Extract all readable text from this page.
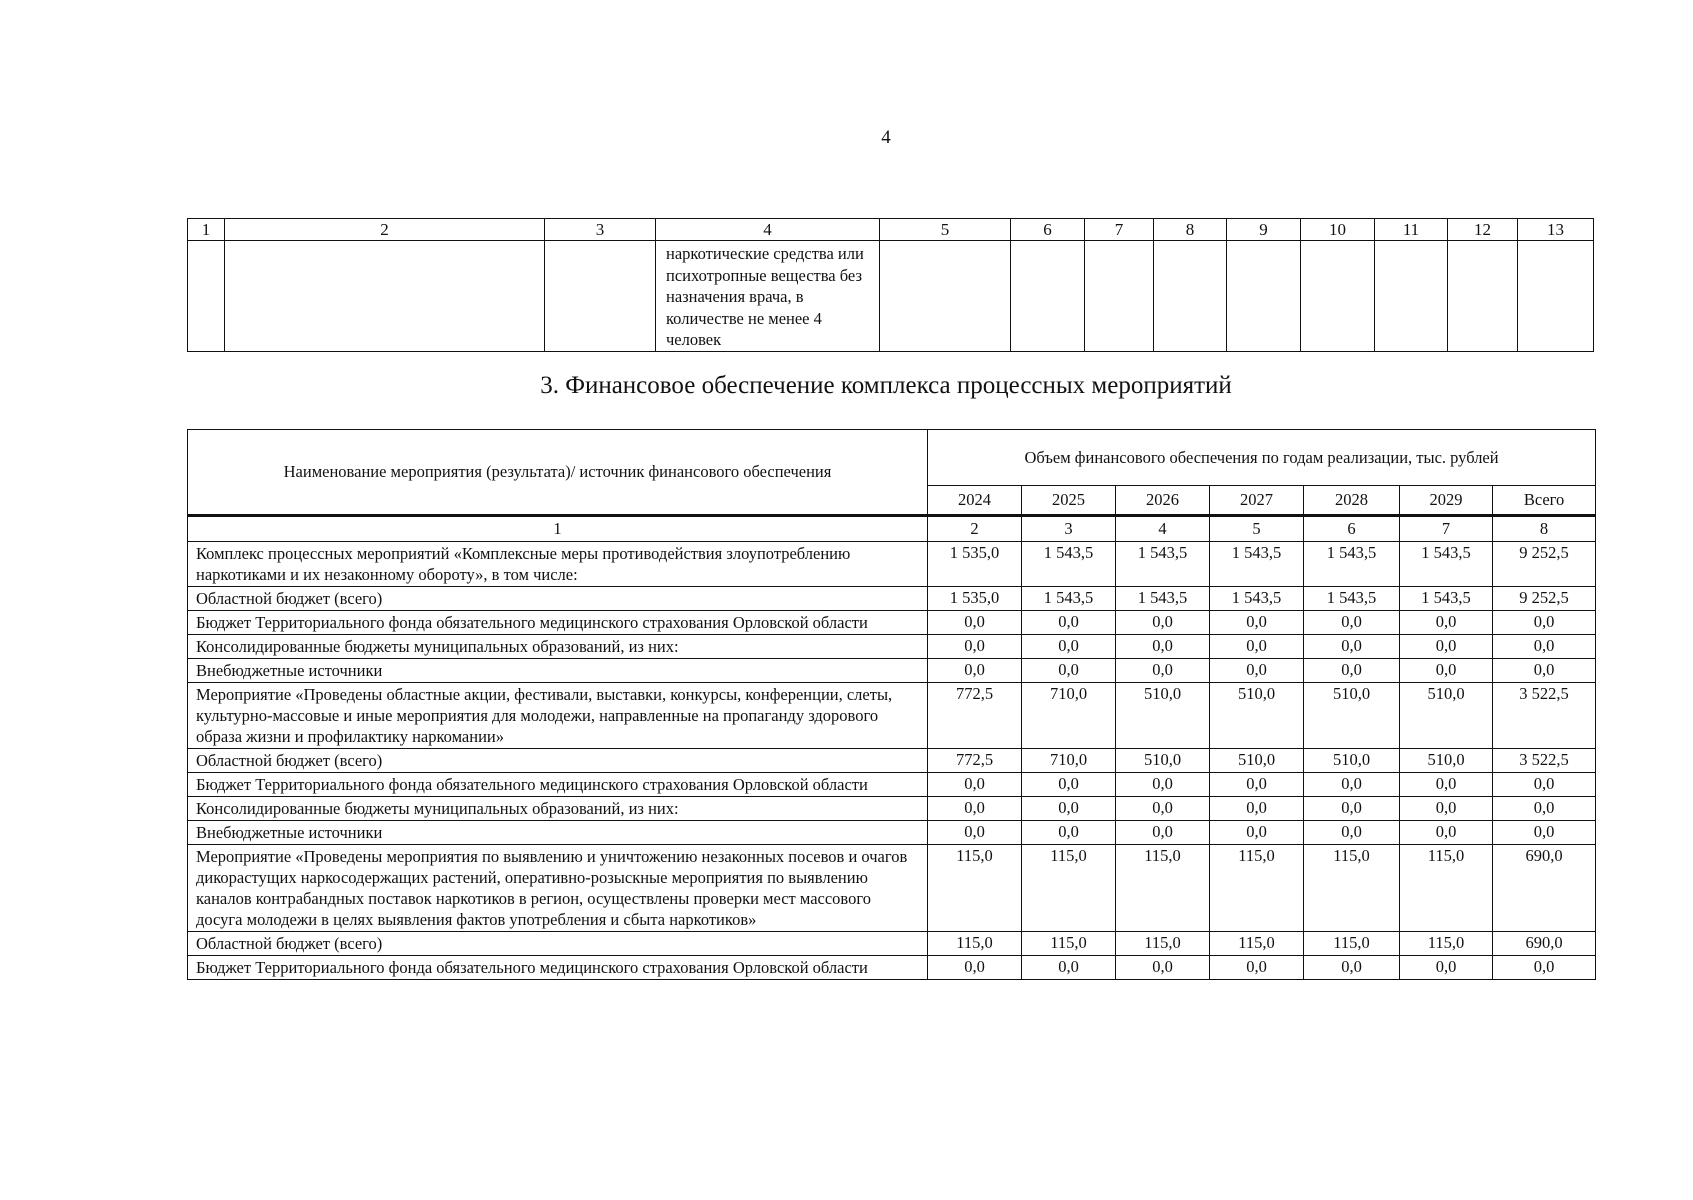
4
1	2	3	4	5	6	7	8	9	10	11	12	13
			наркотические средства или психотропные вещества без назначения врача, в количестве не менее 4 человек									
3. Финансовое обеспечение комплекса процессных мероприятий
Наименование мероприятия (результата)/ источник финансового обеспечения	Объем финансового обеспечения по годам реализации, тыс. рублей						
	2024	2025	2026	2027	2028	2029	Всего
1	2	3	4	5	6	7	8
Комплекс процессных мероприятий «Комплексные меры противодействия злоупотреблению наркотиками и их незаконному обороту», в том числе:	1 535,0	1 543,5	1 543,5	1 543,5	1 543,5	1 543,5	9 252,5
Областной бюджет (всего)	1 535,0	1 543,5	1 543,5	1 543,5	1 543,5	1 543,5	9 252,5
Бюджет Территориального фонда обязательного медицинского страхования Орловской области	0,0	0,0	0,0	0,0	0,0	0,0	0,0
Консолидированные бюджеты муниципальных образований, из них:	0,0	0,0	0,0	0,0	0,0	0,0	0,0
Внебюджетные источники	0,0	0,0	0,0	0,0	0,0	0,0	0,0
Мероприятие «Проведены областные акции, фестивали, выставки, конкурсы, конференции, слеты, культурно-массовые и иные мероприятия для молодежи, направленные на пропаганду здорового образа жизни и профилактику наркомании»	772,5	710,0	510,0	510,0	510,0	510,0	3 522,5
Областной бюджет (всего)	772,5	710,0	510,0	510,0	510,0	510,0	3 522,5
Бюджет Территориального фонда обязательного медицинского страхования Орловской области	0,0	0,0	0,0	0,0	0,0	0,0	0,0
Консолидированные бюджеты муниципальных образований, из них:	0,0	0,0	0,0	0,0	0,0	0,0	0,0
Внебюджетные источники	0,0	0,0	0,0	0,0	0,0	0,0	0,0
Мероприятие «Проведены мероприятия по выявлению и уничтожению незаконных посевов и очагов дикорастущих наркосодержащих растений, оперативно-розыскные мероприятия по выявлению каналов контрабандных поставок наркотиков в регион, осуществлены проверки мест массового досуга молодежи в целях выявления фактов употребления и сбыта наркотиков»	115,0	115,0	115,0	115,0	115,0	115,0	690,0
Областной бюджет (всего)	115,0	115,0	115,0	115,0	115,0	115,0	690,0
Бюджет Территориального фонда обязательного медицинского страхования Орловской области	0,0	0,0	0,0	0,0	0,0	0,0	0,0
